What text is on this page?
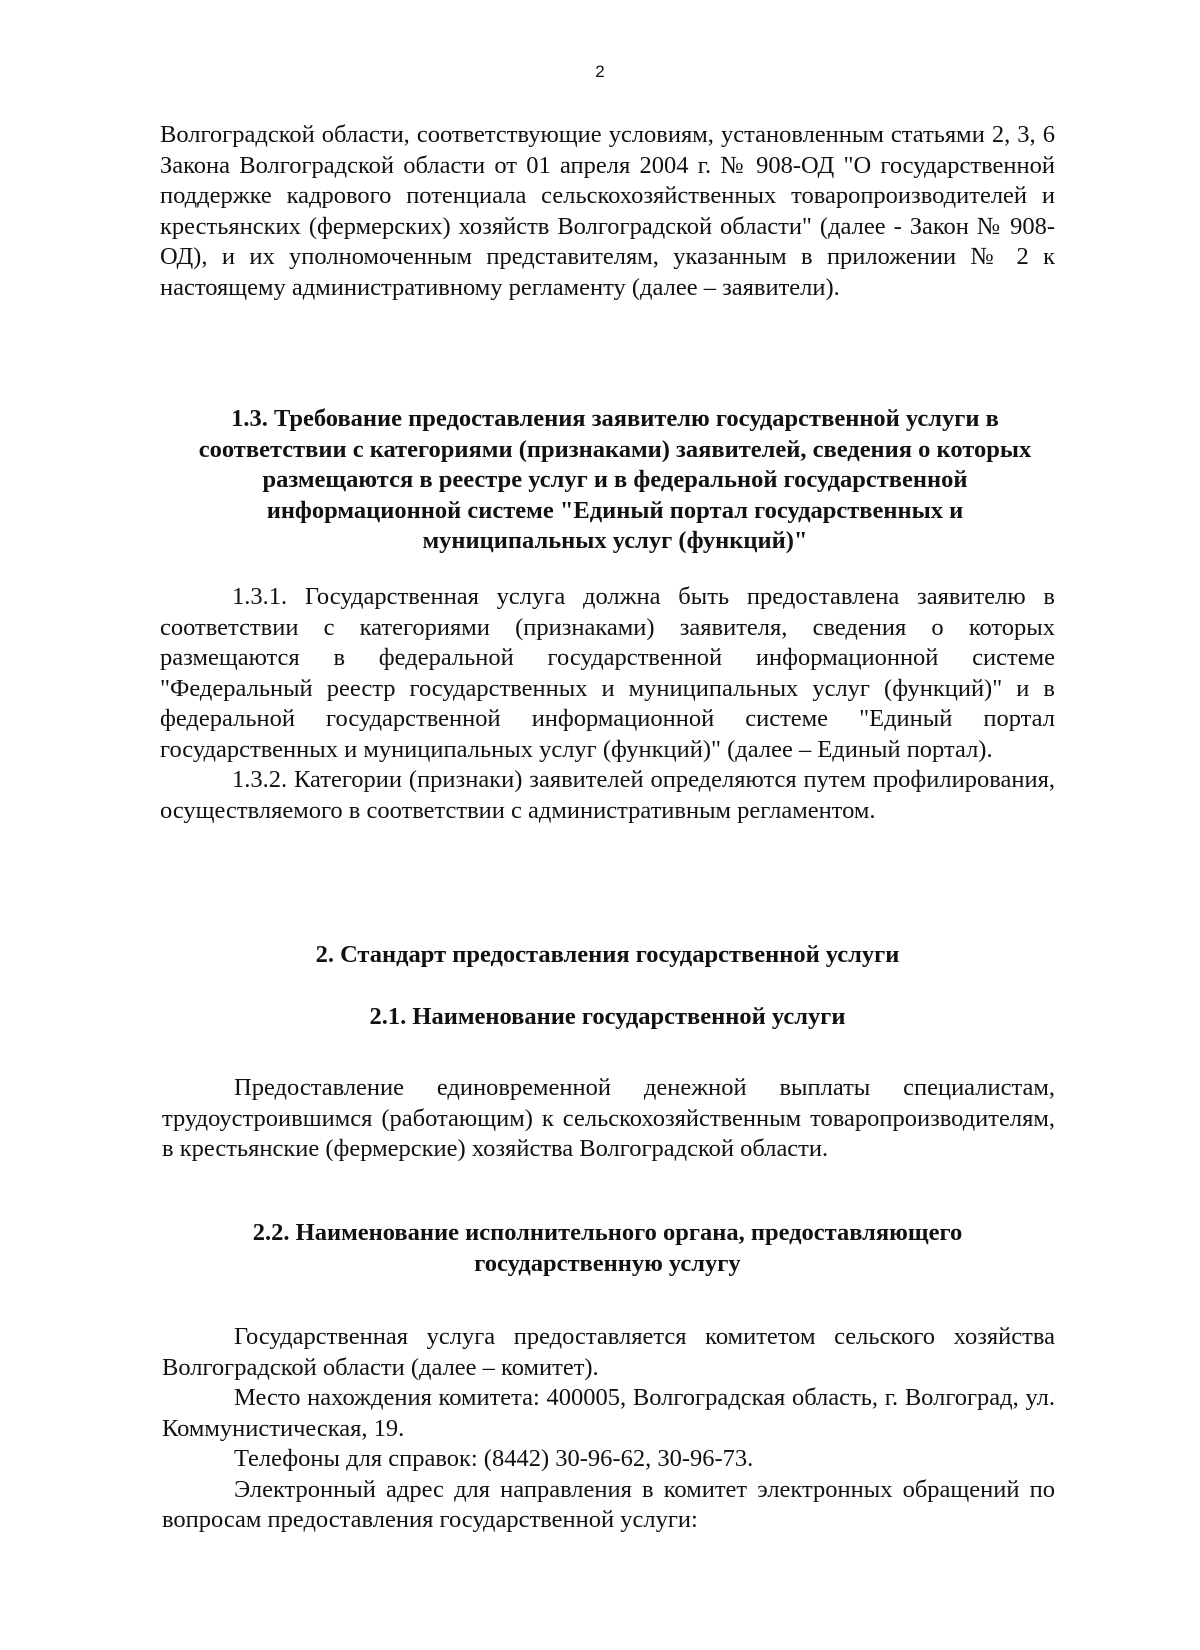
2

Волгоградской области, соответствующие условиям, установленным статьями 2, 3, 6 Закона Волгоградской области от 01 апреля 2004 г. № 908-ОД "О государственной поддержке кадрового потенциала сельскохозяйственных товаропроизводителей и крестьянских (фермерских) хозяйств Волгоградской области" (далее - Закон № 908-ОД), и их уполномоченным представителям, указанным в приложении № 2 к настоящему административному регламенту (далее – заявители).

1.3. Требование предоставления заявителю государственной услуги в соответствии с категориями (признаками) заявителей, сведения о которых размещаются в реестре услуг и в федеральной государственной информационной системе "Единый портал государственных и муниципальных услуг (функций)"

1.3.1. Государственная услуга должна быть предоставлена заявителю в соответствии с категориями (признаками) заявителя, сведения о которых размещаются в федеральной государственной информационной системе "Федеральный реестр государственных и муниципальных услуг (функций)" и в федеральной государственной информационной системе "Единый портал государственных и муниципальных услуг (функций)" (далее – Единый портал).

1.3.2. Категории (признаки) заявителей определяются путем профилирования, осуществляемого в соответствии с административным регламентом.

2. Стандарт предоставления государственной услуги
2.1. Наименование государственной услуги

Предоставление единовременной денежной выплаты специалистам, трудоустроившимся (работающим) к сельскохозяйственным товаропроизводителям, в крестьянские (фермерские) хозяйства Волгоградской области.

2.2. Наименование исполнительного органа, предоставляющего государственную услугу

Государственная услуга предоставляется комитетом сельского хозяйства Волгоградской области (далее – комитет).

Место нахождения комитета: 400005, Волгоградская область, г. Волгоград, ул. Коммунистическая, 19.

Телефоны для справок: (8442) 30-96-62, 30-96-73.

Электронный адрес для направления в комитет электронных обращений по вопросам предоставления государственной услуги:
